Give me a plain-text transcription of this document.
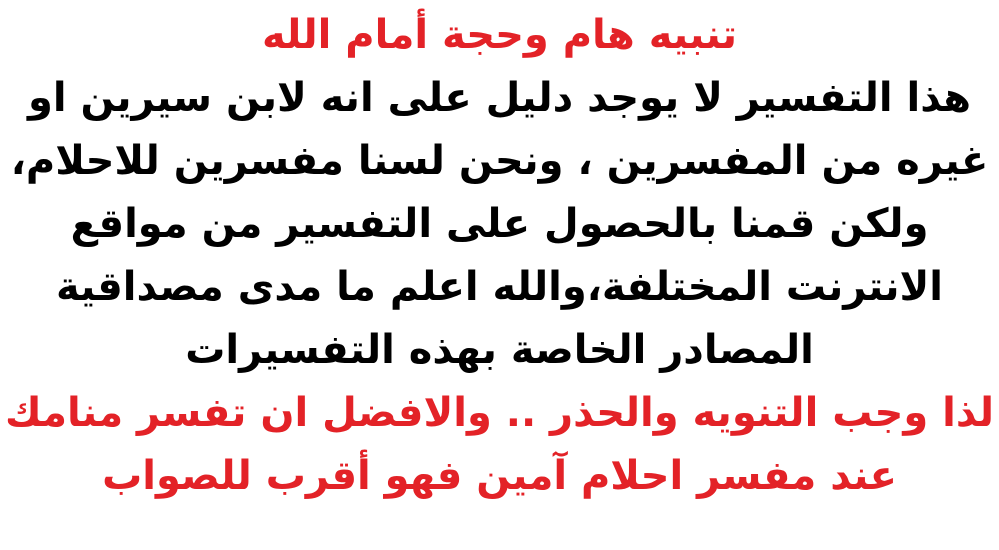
تنبيه هام وحجة أمام الله
هذا التفسير لا يوجد دليل على انه لابن سيرين او
غيره من المفسرين ، ونحن لسنا مفسرين للاحلام،
ولكن قمنا بالحصول على التفسير من مواقع
الانترنت المختلفة،والله اعلم ما مدى مصداقية
المصادر الخاصة بهذه التفسيرات
لذا وجب التنويه والحذر .. والافضل ان تفسر منامك
عند مفسر احلام آمين فهو أقرب للصواب
